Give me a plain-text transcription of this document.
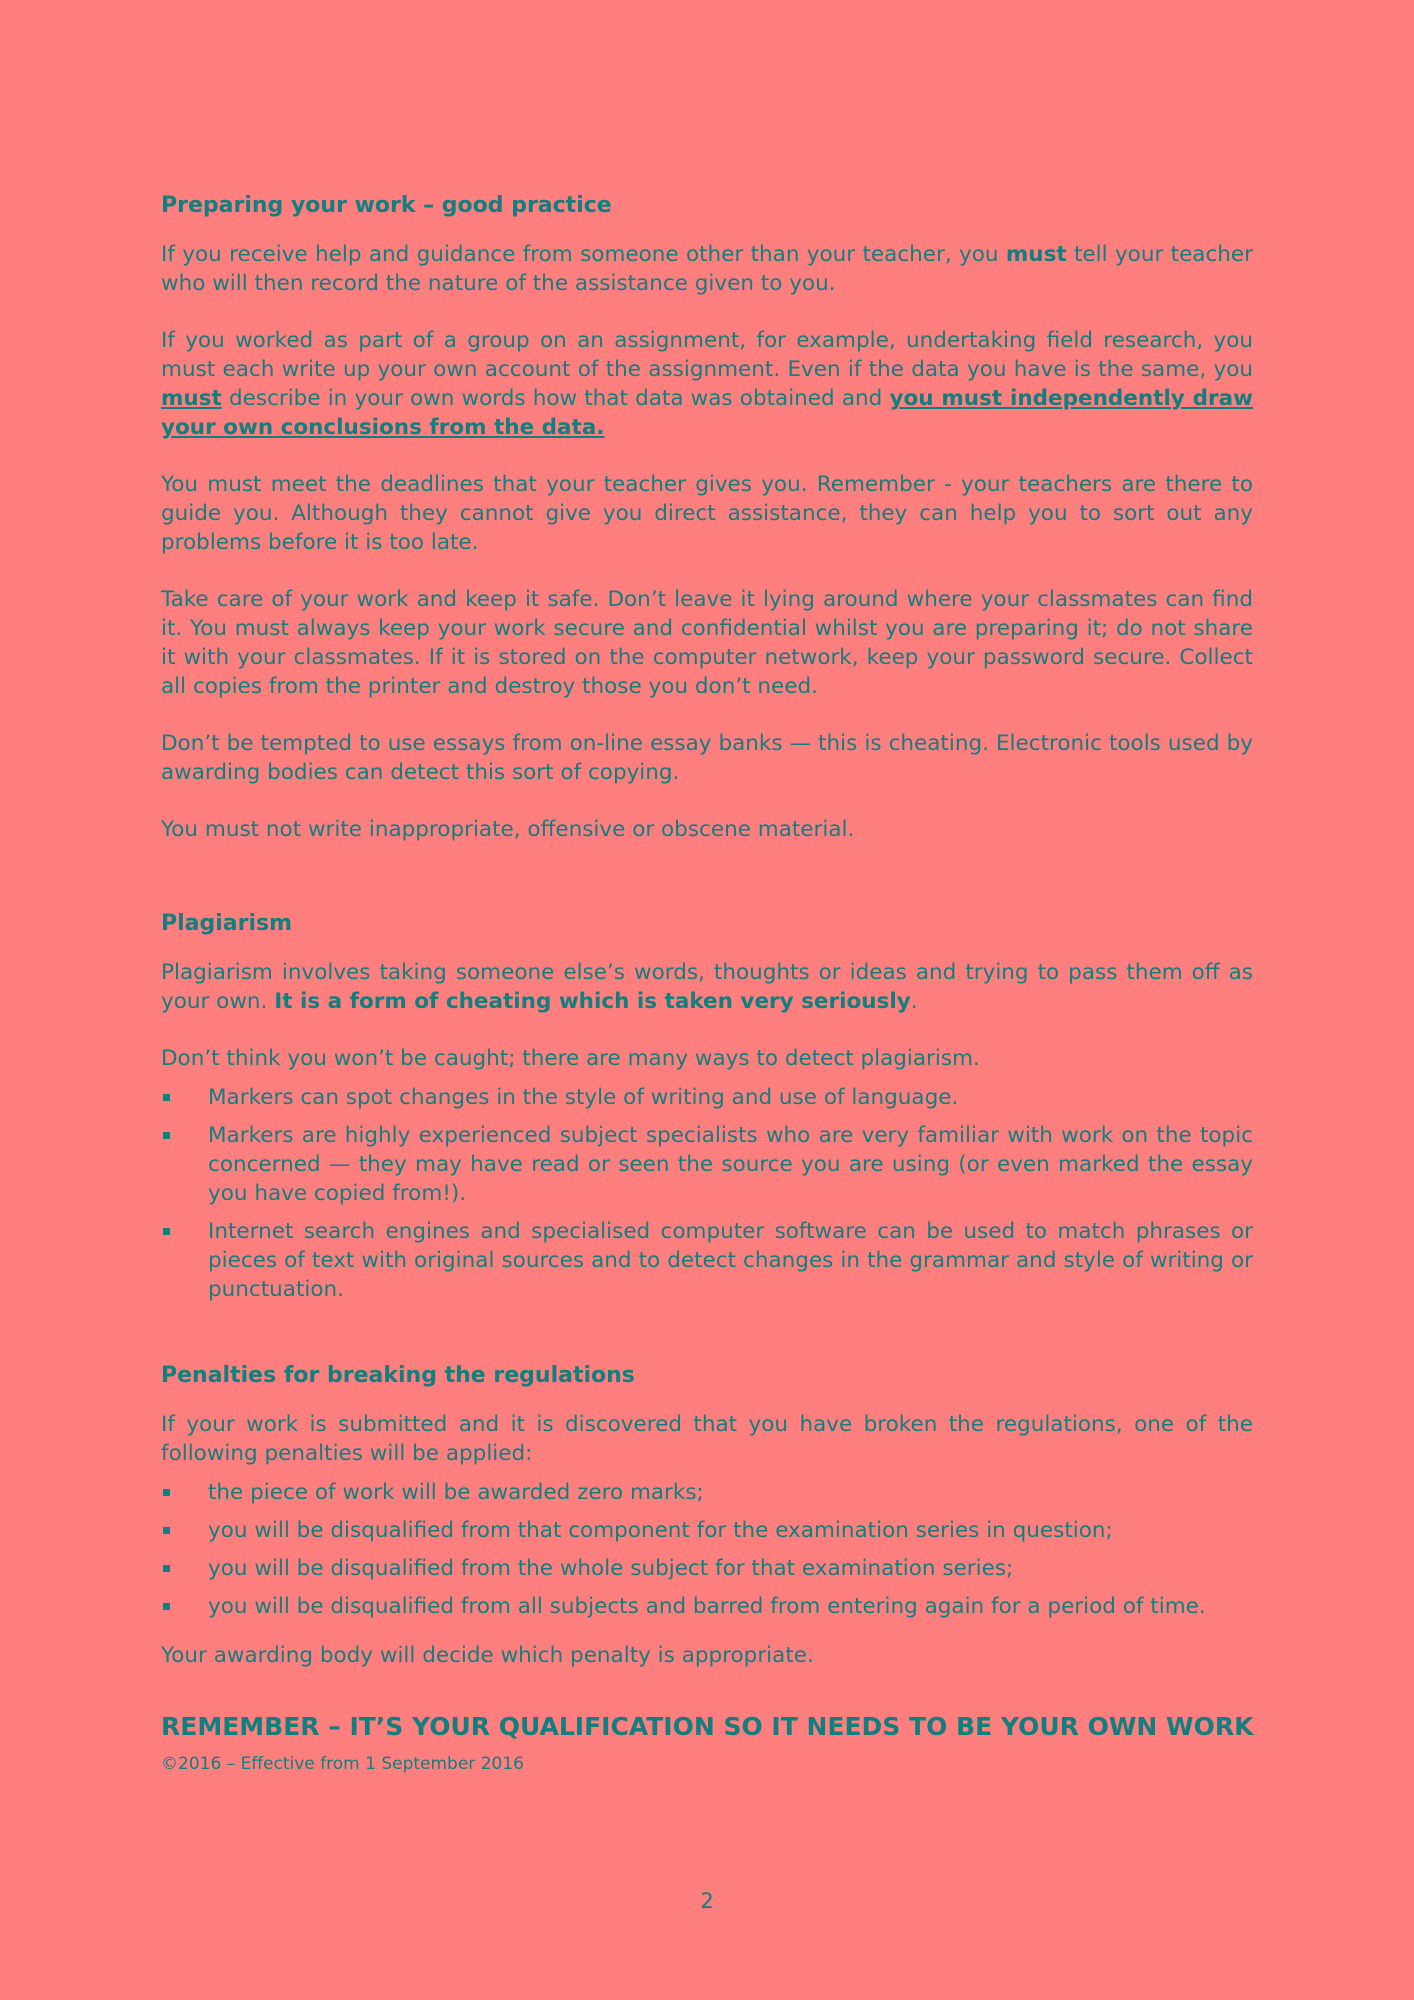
Preparing your work – good practice

If you receive help and guidance from someone other than your teacher, you must tell your teacher who will then record the nature of the assistance given to you.

If you worked as part of a group on an assignment, for example, undertaking field research, you must each write up your own account of the assignment. Even if the data you have is the same, you must describe in your own words how that data was obtained and you must independently draw your own conclusions from the data.

You must meet the deadlines that your teacher gives you. Remember - your teachers are there to guide you. Although they cannot give you direct assistance, they can help you to sort out any problems before it is too late.

Take care of your work and keep it safe. Don’t leave it lying around where your classmates can find it. You must always keep your work secure and confidential whilst you are preparing it; do not share it with your classmates. If it is stored on the computer network, keep your password secure. Collect all copies from the printer and destroy those you don’t need.

Don’t be tempted to use essays from on-line essay banks — this is cheating. Electronic tools used by awarding bodies can detect this sort of copying.

You must not write inappropriate, offensive or obscene material.

Plagiarism

Plagiarism involves taking someone else’s words, thoughts or ideas and trying to pass them off as your own. It is a form of cheating which is taken very seriously.

Don’t think you won’t be caught; there are many ways to detect plagiarism.

Markers can spot changes in the style of writing and use of language.
Markers are highly experienced subject specialists who are very familiar with work on the topic concerned — they may have read or seen the source you are using (or even marked the essay you have copied from!).
Internet search engines and specialised computer software can be used to match phrases or pieces of text with original sources and to detect changes in the grammar and style of writing or punctuation.
Penalties for breaking the regulations

If your work is submitted and it is discovered that you have broken the regulations, one of the following penalties will be applied:

the piece of work will be awarded zero marks;
you will be disqualified from that component for the examination series in question;
you will be disqualified from the whole subject for that examination series;
you will be disqualified from all subjects and barred from entering again for a period of time.

Your awarding body will decide which penalty is appropriate.

REMEMBER – IT’S YOUR QUALIFICATION SO IT NEEDS TO BE YOUR OWN WORK

©2016 – Effective from 1 September 2016

2
